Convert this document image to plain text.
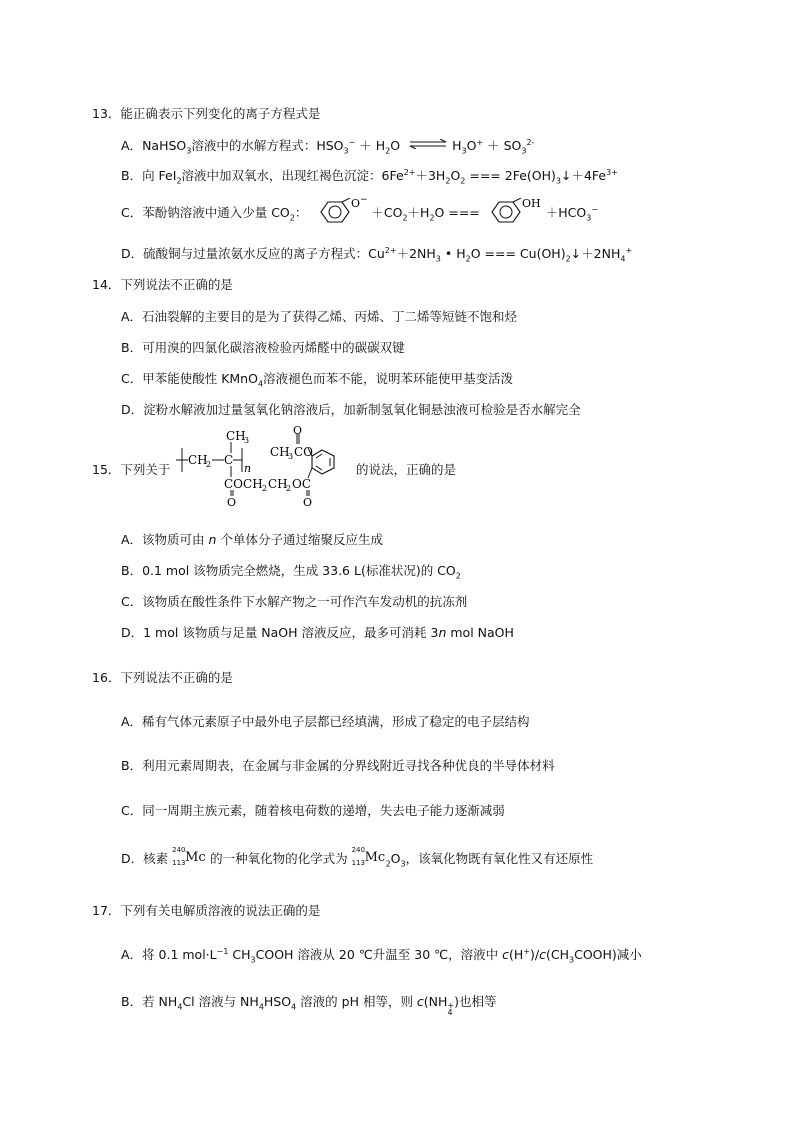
13．能正确表示下列变化的离子方程式是
A．NaHSO$_3$溶液中的水解方程式：$HSO_3^- + H_2O$ ⇌ $H_3O^+ + SO_3^{2-}$
B．向 FeI$_2$溶液中加双氧水，出现红褐色沉淀：$6Fe^{2+}+3H_2O_2$ === $2Fe(OH)_3↓+4Fe^{3+}$
C．苯酚钠溶液中通入少量 $CO_2$：
O −
$+CO_2+H_2O$ ===
OH
$+HCO_3^-$
D．硫酸铜与过量浓氨水反应的离子方程式：$Cu^{2+}+2NH_3$ • $H_2O$ === $Cu(OH)_2↓+2NH_4^+$
14．下列说法不正确的是
A．石油裂解的主要目的是为了获得乙烯、丙烯、丁二烯等短链不饱和烃
B．可用溴的四氯化碳溶液检验丙烯醛中的碳碳双键
C．甲苯能使酸性 KMnO$_4$溶液褪色而苯不能，说明苯环能使甲基变活泼
D．淀粉水解液加过量氢氧化钠溶液后，加新制氢氧化铜悬浊液可检验是否水解完全
15．下列关于
CH
2 C
CH
3
n
COCH 2 CH
2 OC
O	O
CH
3 CO
O
的说法，正确的是
A．该物质可由 n 个单体分子通过缩聚反应生成
B．0.1 mol 该物质完全燃烧，生成 33.6 L(标准状况)的 $CO_2$
C．该物质在酸性条件下水解产物之一可作汽车发动机的抗冻剂
D．1 mol 该物质与足量 NaOH 溶液反应，最多可消耗 3n mol NaOH
16．下列说法不正确的是
A．稀有气体元素原子中最外电子层都已经填满，形成了稳定的电子层结构
B．利用元素周期表，在金属与非金属的分界线附近寻找各种优良的半导体材料
C．同一周期主族元素，随着核电荷数的递增，失去电子能力逐渐减弱
D．核素
240
113 Mc 的一种氧化物的化学式为
240
113 Mc $_2O_3$，该氧化物既有氧化性又有还原性
17．下列有关电解质溶液的说法正确的是
A．将 0.1 $mol\cdot L^{-1}$ $CH_3COOH$ 溶液从 20 ℃升温至 30 ℃，溶液中 $c(H^+)/c(CH_3COOH)$减小
B．若 $NH_4Cl$ 溶液与 $NH_4HSO_4$ 溶液的 pH 相等，则 c(NH +
4
)也相等
